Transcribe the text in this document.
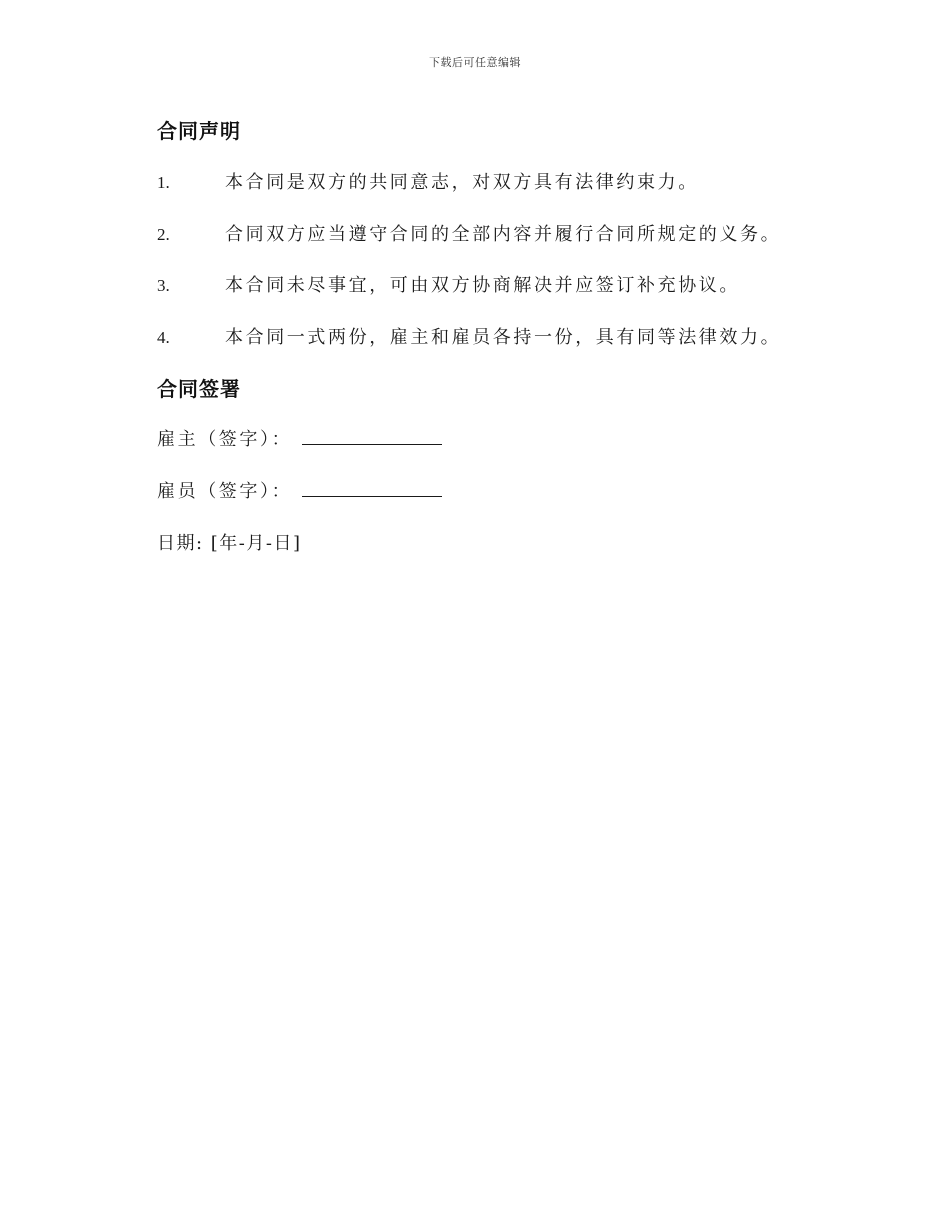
下载后可任意编辑
合同声明
1.	本合同是双方的共同意志，对双方具有法律约束力。
2.	合同双方应当遵守合同的全部内容并履行合同所规定的义务。
3.	本合同未尽事宜，可由双方协商解决并应签订补充协议。
4.	本合同一式两份，雇主和雇员各持一份，具有同等法律效力。
合同签署
雇主（签字）：
雇员（签字）：
日期: [年-月-日]
